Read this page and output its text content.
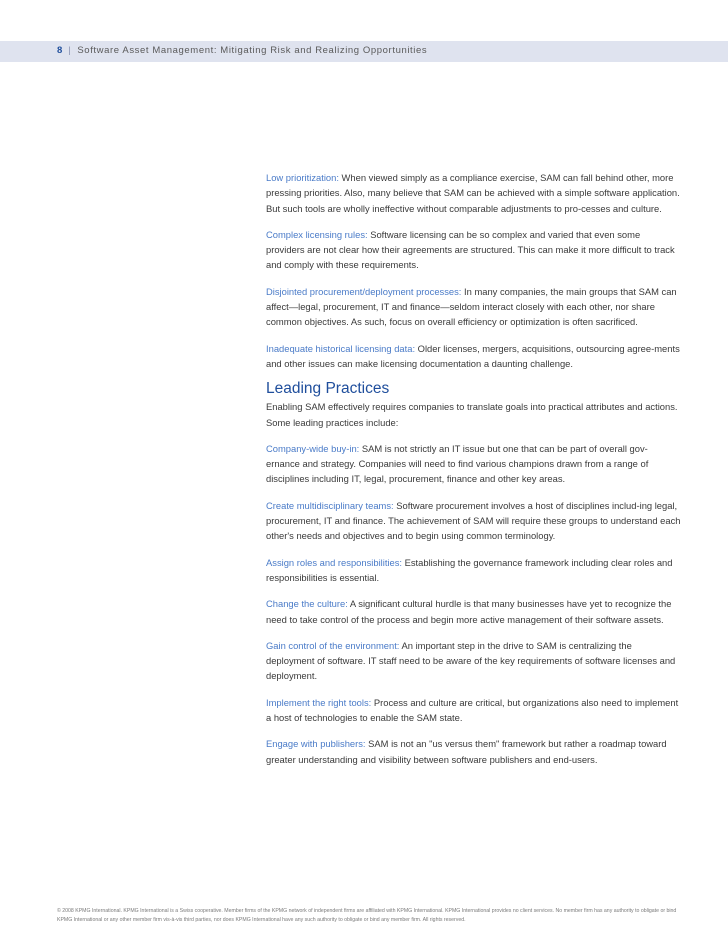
8 | Software Asset Management: Mitigating Risk and Realizing Opportunities

Low prioritization: When viewed simply as a compliance exercise, SAM can fall behind other, more pressing priorities. Also, many believe that SAM can be achieved with a simple software application. But such tools are wholly ineffective without comparable adjustments to pro-cesses and culture.

Complex licensing rules: Software licensing can be so complex and varied that even some providers are not clear how their agreements are structured. This can make it more difficult to track and comply with these requirements.

Disjointed procurement/deployment processes: In many companies, the main groups that SAM can affect—legal, procurement, IT and finance—seldom interact closely with each other, nor share common objectives. As such, focus on overall efficiency or optimization is often sacrificed.

Inadequate historical licensing data: Older licenses, mergers, acquisitions, outsourcing agree-ments and other issues can make licensing documentation a daunting challenge.

Leading Practices

Enabling SAM effectively requires companies to translate goals into practical attributes and actions. Some leading practices include:

Company-wide buy-in: SAM is not strictly an IT issue but one that can be part of overall gov-ernance and strategy. Companies will need to find various champions drawn from a range of disciplines including IT, legal, procurement, finance and other key areas.

Create multidisciplinary teams: Software procurement involves a host of disciplines includ-ing legal, procurement, IT and finance. The achievement of SAM will require these groups to understand each other's needs and objectives and to begin using common terminology.

Assign roles and responsibilities: Establishing the governance framework including clear roles and responsibilities is essential.

Change the culture: A significant cultural hurdle is that many businesses have yet to recognize the need to take control of the process and begin more active management of their software assets.

Gain control of the environment: An important step in the drive to SAM is centralizing the deployment of software. IT staff need to be aware of the key requirements of software licenses and deployment.

Implement the right tools: Process and culture are critical, but organizations also need to implement a host of technologies to enable the SAM state.

Engage with publishers: SAM is not an "us versus them" framework but rather a roadmap toward greater understanding and visibility between software publishers and end-users.

© 2008 KPMG International. KPMG International is a Swiss cooperative. Member firms of the KPMG network of independent firms are affiliated with KPMG International. KPMG International provides no client services. No member firm has any authority to obligate or bind KPMG International or any other member firm vis-à-vis third parties, nor does KPMG International have any such authority to obligate or bind any member firm. All rights reserved.
